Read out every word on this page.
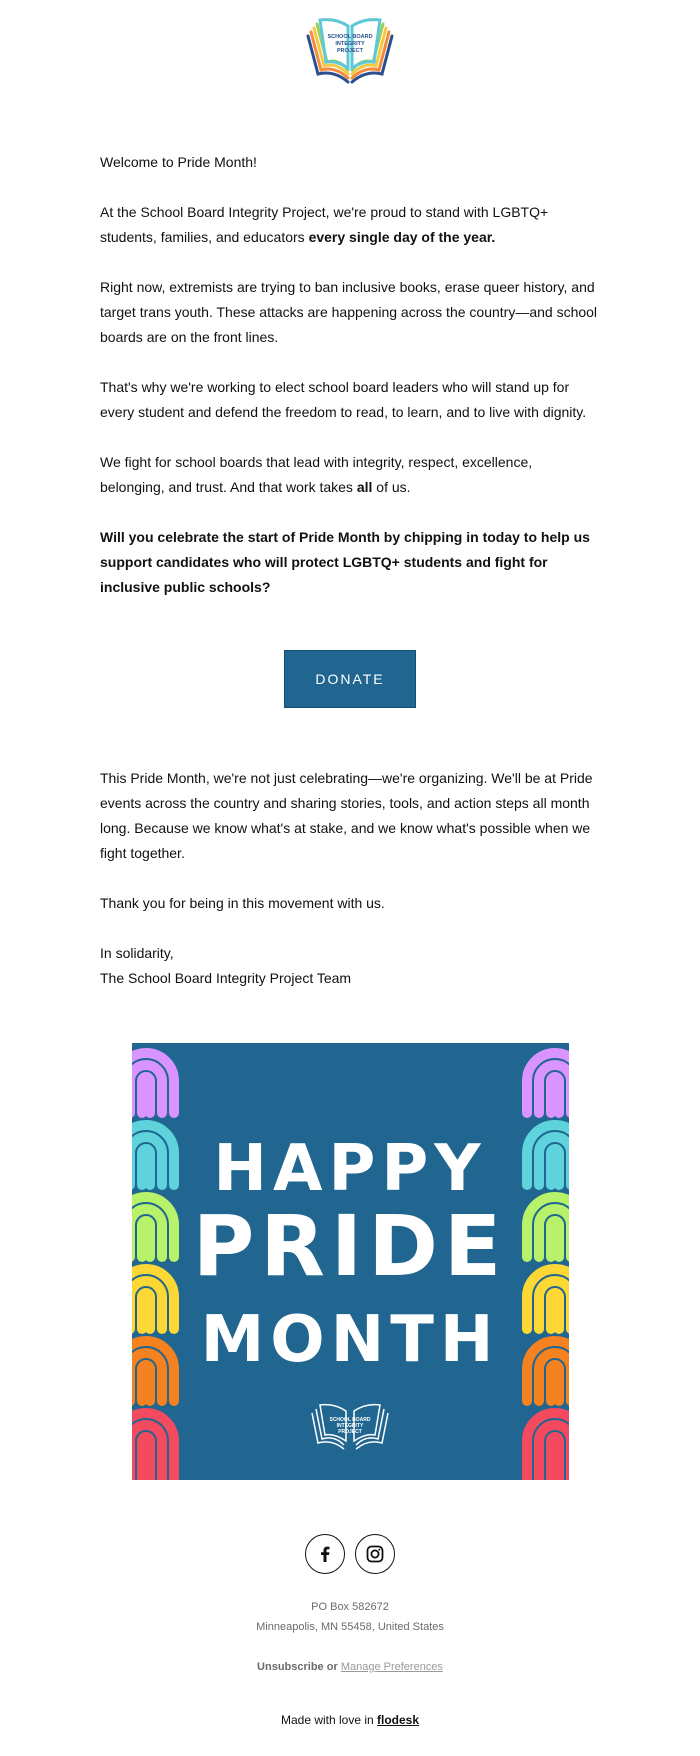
SCHOOL BOARD
INTEGRITY
PROJECT

Welcome to Pride Month!

At the School Board Integrity Project, we're proud to stand with LGBTQ+ students, families, and educators every single day of the year.

Right now, extremists are trying to ban inclusive books, erase queer history, and target trans youth. These attacks are happening across the country—and school boards are on the front lines.

That's why we're working to elect school board leaders who will stand up for every student and defend the freedom to read, to learn, and to live with dignity.

We fight for school boards that lead with integrity, respect, excellence, belonging, and trust. And that work takes all of us.

Will you celebrate the start of Pride Month by chipping in today to help us support candidates who will protect LGBTQ+ students and fight for inclusive public schools?

DONATE

This Pride Month, we're not just celebrating—we're organizing. We'll be at Pride events across the country and sharing stories, tools, and action steps all month long. Because we know what's at stake, and we know what's possible when we fight together.

Thank you for being in this movement with us.

In solidarity,
The School Board Integrity Project Team

HAPPY
PRIDE
MONTH
SCHOOL BOARD
INTEGRITY
PROJECT
PO Box 582672
Minneapolis, MN 55458, United States
Unsubscribe or Manage Preferences
Made with love in flodesk
